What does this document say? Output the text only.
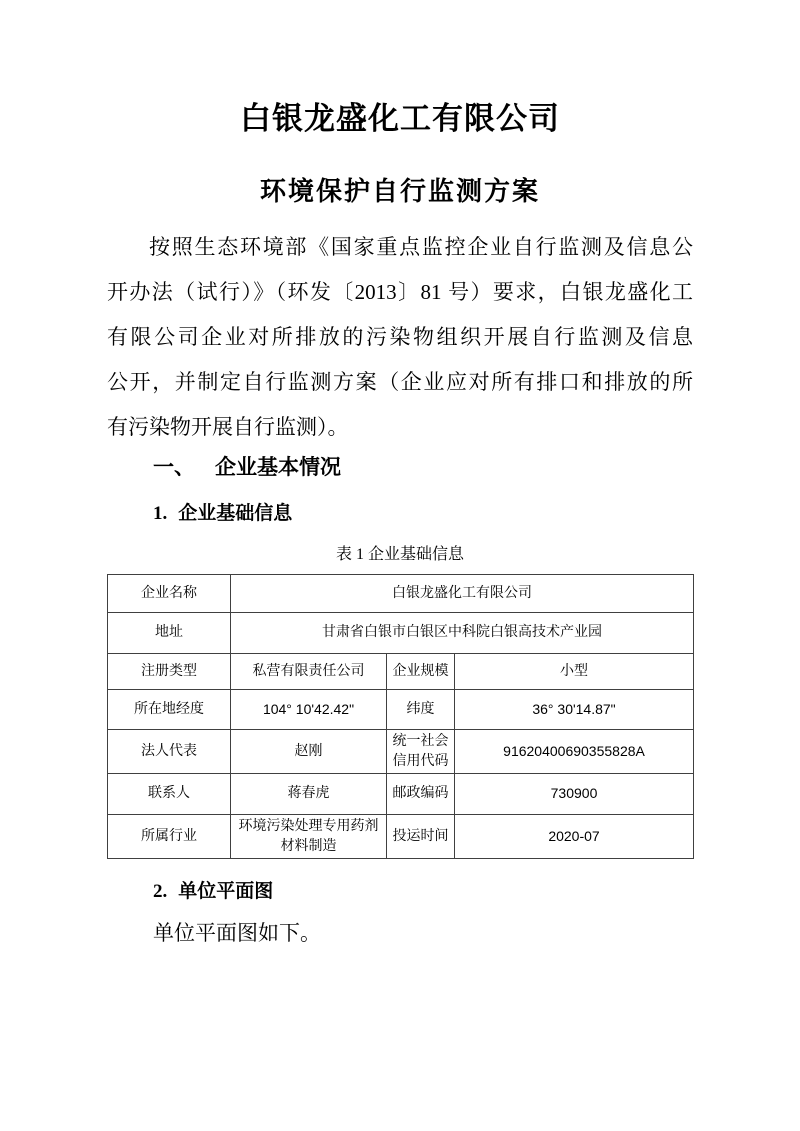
白银龙盛化工有限公司
环境保护自行监测方案
按照生态环境部《国家重点监控企业自行监测及信息公
开办法（试行）》（环发〔2013〕81 号）要求，白银龙盛化工
有限公司企业对所排放的污染物组织开展自行监测及信息
公开，并制定自行监测方案（企业应对所有排口和排放的所
有污染物开展自行监测）。
一、 企业基本情况
1. 企业基础信息
表 1 企业基础信息
企业名称	白银龙盛化工有限公司		
地址	甘肃省白银市白银区中科院白银高技术产业园		
注册类型	私营有限责任公司	企业规模	小型
所在地经度	104° 10'42.42"	纬度	36° 30'14.87"
法人代表	赵刚	统一社会信用代码	91620400690355828A
联系人	蒋春虎	邮政编码	730900
所属行业	环境污染处理专用药剂材料制造	投运时间	2020-07
2. 单位平面图
单位平面图如下。
